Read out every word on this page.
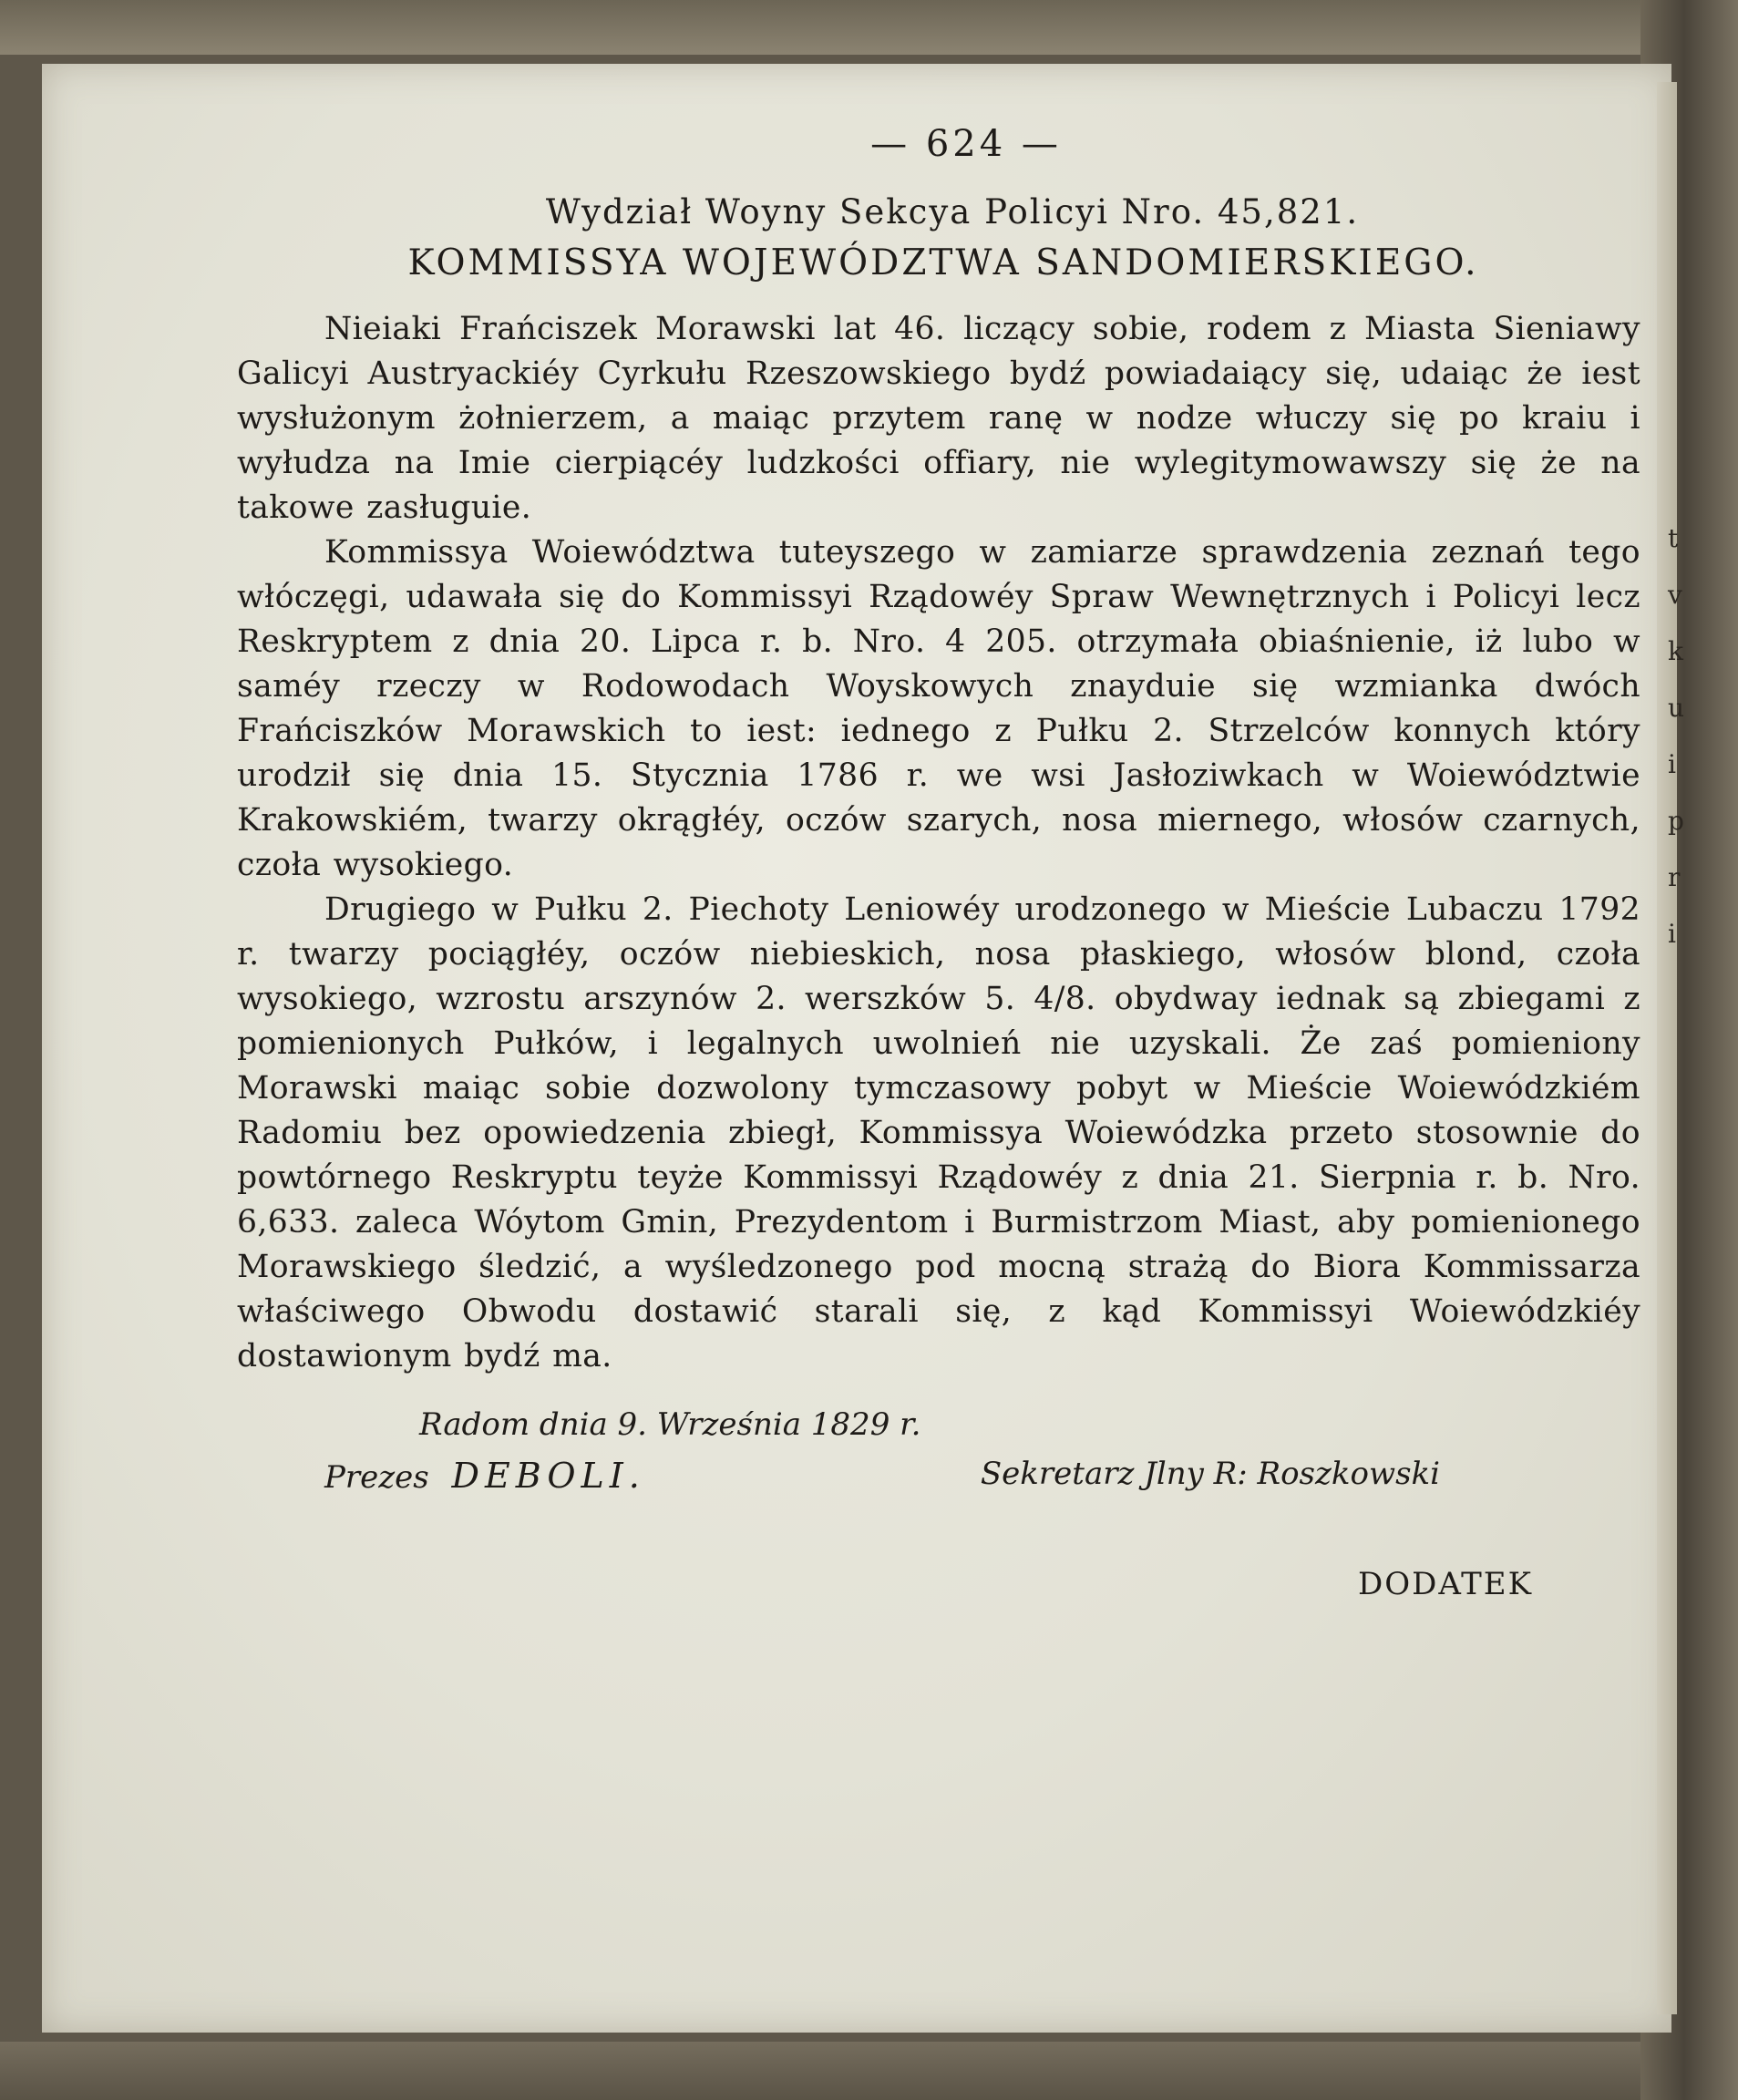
t
v
k
u
i
p
r
i
— 624 —
Wydział Woyny Sekcya Policyi Nro. 45,821.
KOMMISSYA WOJEWÓDZTWA SANDOMIERSKIEGO.

Nieiaki Frańciszek Morawski lat 46. liczący sobie, rodem z Miasta Sieniawy Galicyi Austryackiéy Cyrkułu Rzeszowskiego bydź powiadaiący się, udaiąc że iest wysłużonym żołnierzem, a maiąc przytem ranę w nodze włuczy się po kraiu i wyłudza na Imie cierpiącéy ludzkości offiary, nie wylegitymowawszy się że na takowe zasługuie.

Kommissya Woiewództwa tuteyszego w zamiarze sprawdzenia zeznań tego włóczęgi, udawała się do Kommissyi Rządowéy Spraw Wewnętrznych i Policyi lecz Reskryptem z dnia 20. Lipca r. b. Nro. 4 205. otrzymała obiaśnienie, iż lubo w saméy rzeczy w Rodowodach Woyskowych znayduie się wzmianka dwóch Frańciszków Morawskich to iest: iednego z Pułku 2. Strzelców konnych który urodził się dnia 15. Stycznia 1786 r. we wsi Jasłoziwkach w Woiewództwie Krakowskiém, twarzy okrągłéy, oczów szarych, nosa miernego, włosów czarnych, czoła wysokiego.

Drugiego w Pułku 2. Piechoty Leniowéy urodzonego w Mieście Lubaczu 1792 r. twarzy pociągłéy, oczów niebieskich, nosa płaskiego, włosów blond, czoła wysokiego, wzrostu arszynów 2. werszków 5. 4/8. obydway iednak są zbiegami z pomienionych Pułków, i legalnych uwolnień nie uzyskali. Że zaś pomieniony Morawski maiąc sobie dozwolony tymczasowy pobyt w Mieście Woiewódzkiém Radomiu bez opowiedzenia zbiegł, Kommissya Woiewódzka przeto stosownie do powtórnego Reskryptu teyże Kommissyi Rządowéy z dnia 21. Sierpnia r. b. Nro. 6,633. zaleca Wóytom Gmin, Prezydentom i Burmistrzom Miast, aby pomienionego Morawskiego śledzić, a wyśledzonego pod mocną strażą do Biora Kommissarza właściwego Obwodu dostawić starali się, z kąd Kommissyi Woiewódzkiéy dostawionym bydź ma.

Radom dnia 9. Września 1829 r.
Prezes DEBOLI.	Sekretarz Jlny R: Roszkowski
DODATEK
